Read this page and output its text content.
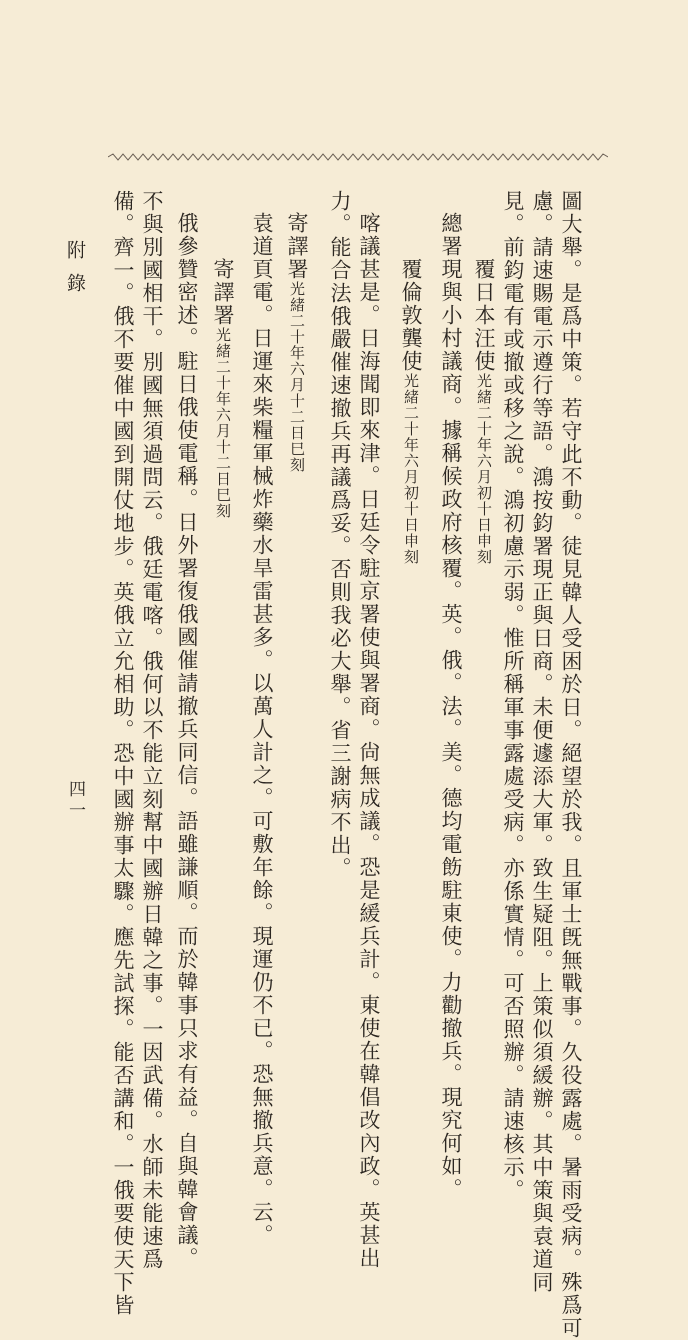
圖大舉。是爲中策。若守此不動。徒見韓人受困於日。絕望於我。且軍士旣無戰事。久役露處。暑雨受病。殊爲可
慮。請速賜電示遵行等語。鴻按鈞署現正與日商。未便遽添大軍。致生疑阻。上策似須緩辦。其中策與袁道同
見。前鈞電有或撤或移之說。鴻初慮示弱。惟所稱軍事露處受病。亦係實情。可否照辦。請速核示。
覆日本汪使光緒二十年六月初十日申刻
總署現與小村議商。據稱候政府核覆。英。俄。法。美。德均電飭駐東使。力勸撤兵。現究何如。
覆倫敦龔使光緒二十年六月初十日申刻
喀議甚是。日海聞即來津。日廷令駐京署使與署商。尙無成議。恐是緩兵計。東使在韓倡改內政。英甚出
力。能合法俄嚴催速撤兵再議爲妥。否則我必大舉。省三謝病不出。
寄譯署光緒二十年六月十二日巳刻
袁道頁電。日運來柴糧軍械炸藥水旱雷甚多。以萬人計之。可敷年餘。現運仍不已。恐無撤兵意。云。
寄譯署光緒二十年六月十二日巳刻
俄參贊密述。駐日俄使電稱。日外署復俄國催請撤兵同信。語雖謙順。而於韓事只求有益。自與韓會議。
不與別國相干。別國無須過問云。俄廷電喀。俄何以不能立刻幫中國辦日韓之事。一因武備。水師未能速爲
備。齊一。俄不要催中國到開仗地步。英俄立允相助。恐中國辦事太驟。應先試探。能否講和。一俄要使天下皆
附錄
四一
